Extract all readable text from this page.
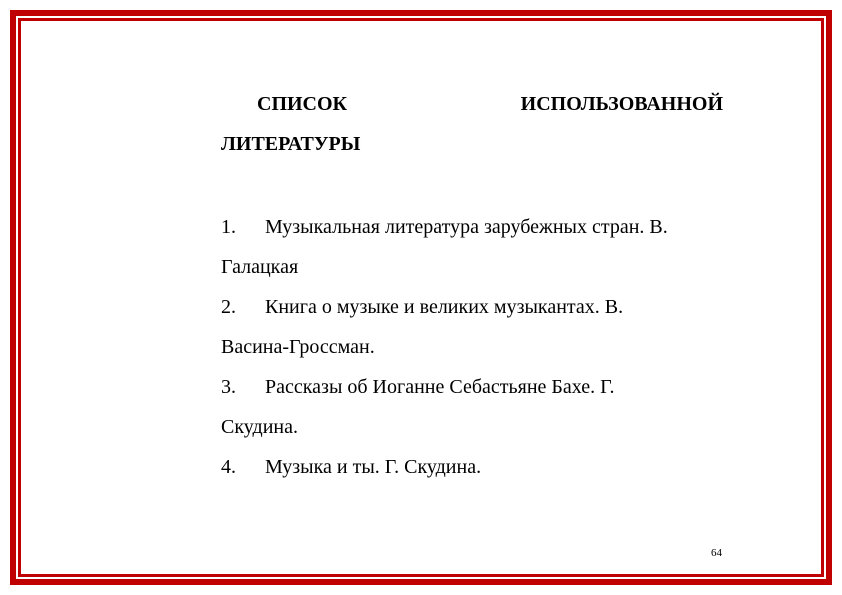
СПИСОК	ИСПОЛЬЗОВАННОЙ
ЛИТЕРАТУРЫ
1. Музыкальная литература зарубежных стран. В.
Галацкая
2. Книга о музыке и великих музыкантах. В.
Васина-Гроссман.
3. Рассказы об Иоганне Себастьяне Бахе. Г.
Скудина.
4. Музыка и ты. Г. Скудина.
64
